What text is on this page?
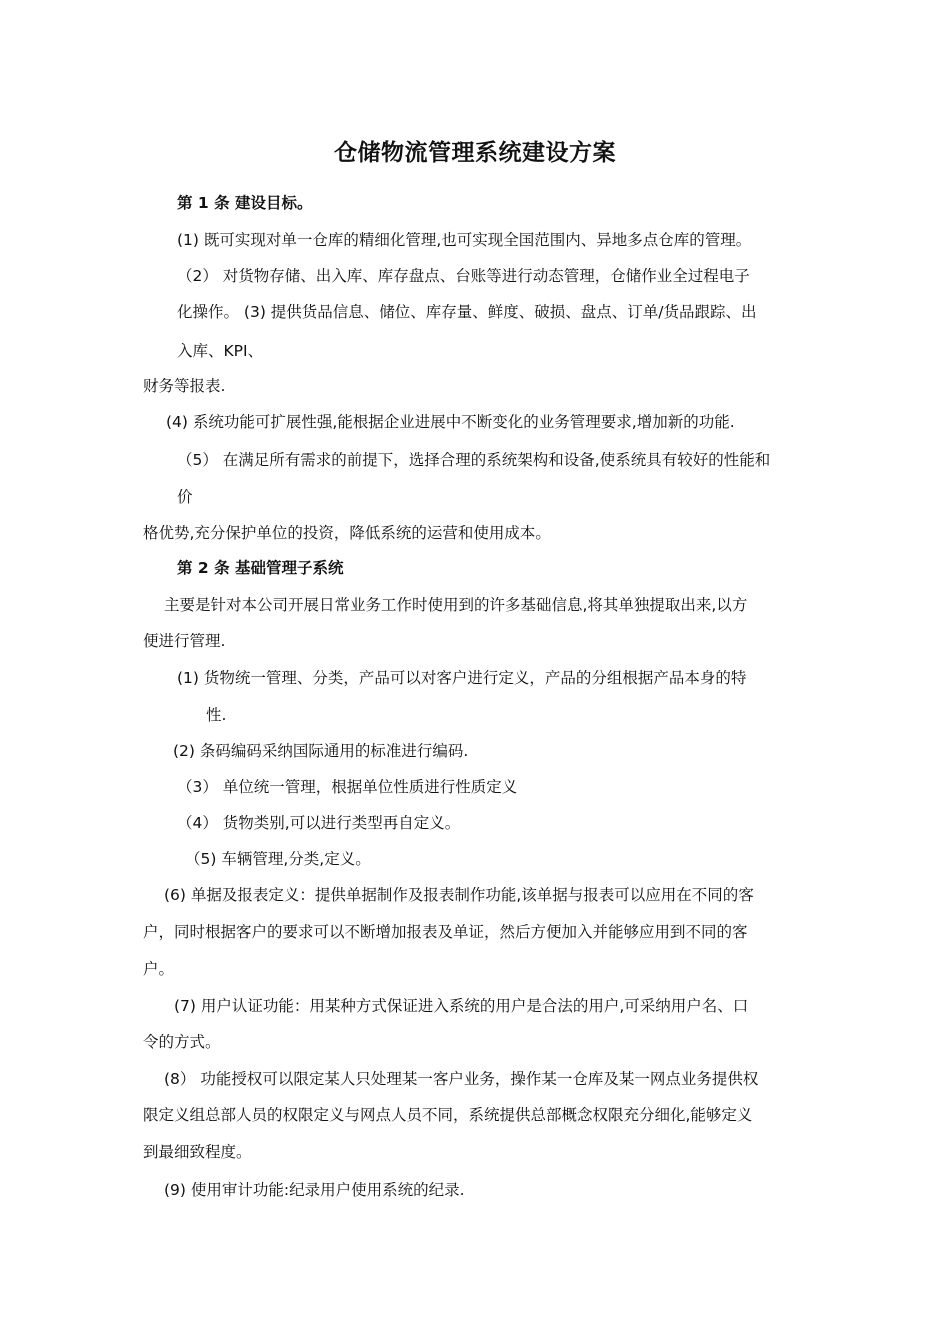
仓储物流管理系统建设方案
第 1 条 建设目标。
(1) 既可实现对单一仓库的精细化管理,也可实现全国范围内、异地多点仓库的管理。
（2） 对货物存储、出入库、库存盘点、台账等进行动态管理，仓储作业全过程电子
化操作。 (3) 提供货品信息、储位、库存量、鲜度、破损、盘点、订单/货品跟踪、出
入库、KPI、
财务等报表.
(4) 系统功能可扩展性强,能根据企业进展中不断变化的业务管理要求,增加新的功能.
（5） 在满足所有需求的前提下，选择合理的系统架构和设备,使系统具有较好的性能和
价
格优势,充分保护单位的投资，降低系统的运营和使用成本。
第 2 条 基础管理子系统
主要是针对本公司开展日常业务工作时使用到的许多基础信息,将其单独提取出来,以方
便进行管理.
(1) 货物统一管理、分类，产品可以对客户进行定义，产品的分组根据产品本身的特
性.
(2) 条码编码采纳国际通用的标准进行编码.
（3） 单位统一管理，根据单位性质进行性质定义
（4） 货物类别,可以进行类型再自定义。
（5) 车辆管理,分类,定义。
(6) 单据及报表定义：提供单据制作及报表制作功能,该单据与报表可以应用在不同的客
户，同时根据客户的要求可以不断增加报表及单证，然后方便加入并能够应用到不同的客
户。
(7) 用户认证功能：用某种方式保证进入系统的用户是合法的用户,可采纳用户名、口
令的方式。
(8） 功能授权可以限定某人只处理某一客户业务，操作某一仓库及某一网点业务提供权
限定义组总部人员的权限定义与网点人员不同，系统提供总部概念权限充分细化,能够定义
到最细致程度。
(9) 使用审计功能:纪录用户使用系统的纪录.
